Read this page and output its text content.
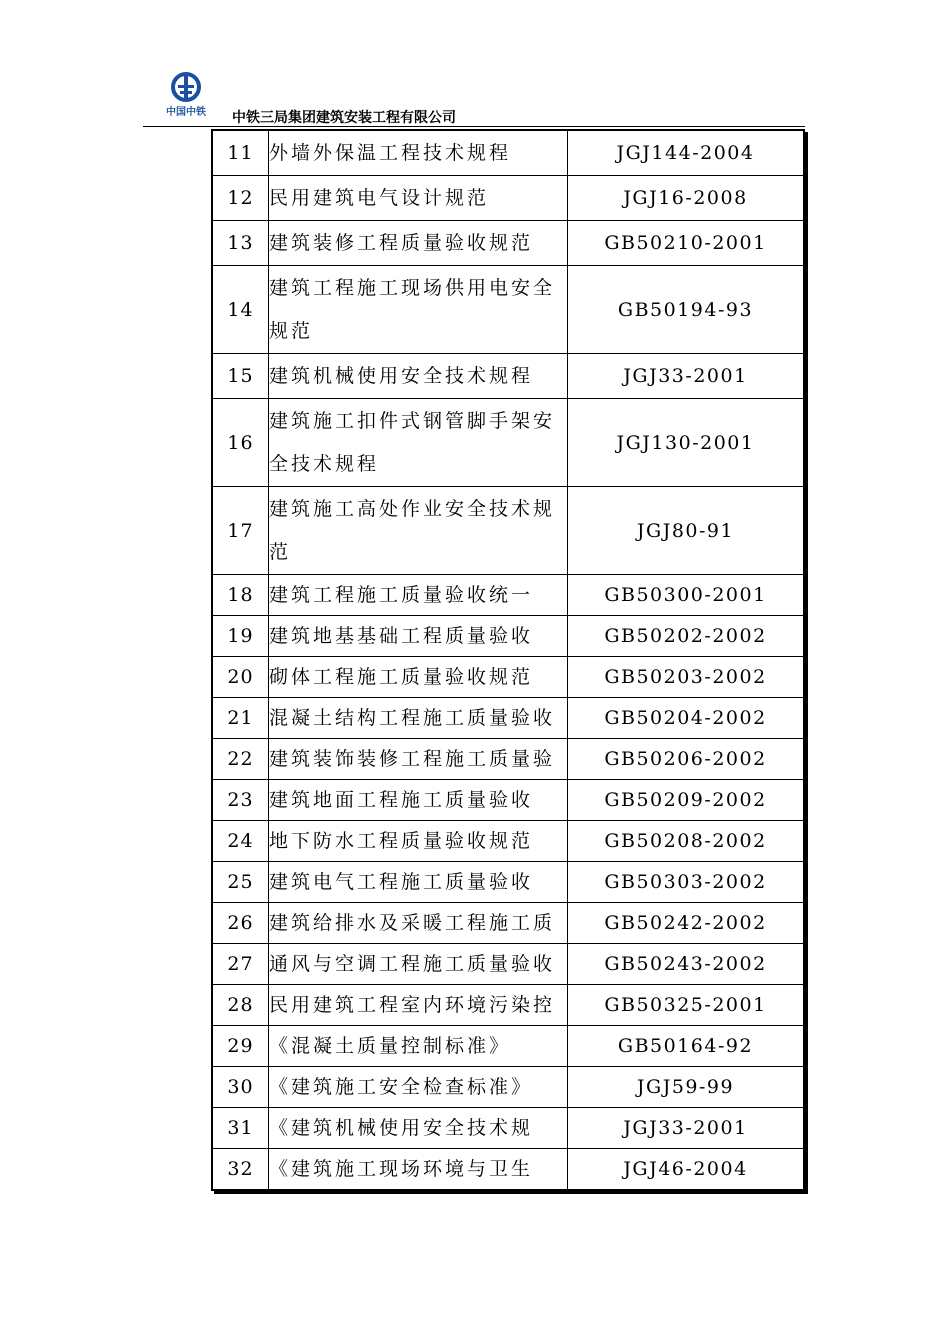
中国中铁 中铁三局集团建筑安装工程有限公司
11	外墙外保温工程技术规程	JGJ144-2004
12	民用建筑电气设计规范	JGJ16-2008
13	建筑装修工程质量验收规范	GB50210-2001
14	建筑工程施工现场供用电安全规范	GB50194-93
15	建筑机械使用安全技术规程	JGJ33-2001
16	建筑施工扣件式钢管脚手架安全技术规程	JGJ130-2001
17	建筑施工高处作业安全技术规范	JGJ80-91
18	建筑工程施工质量验收统一	GB50300-2001
19	建筑地基基础工程质量验收	GB50202-2002
20	砌体工程施工质量验收规范	GB50203-2002
21	混凝土结构工程施工质量验收	GB50204-2002
22	建筑装饰装修工程施工质量验	GB50206-2002
23	建筑地面工程施工质量验收	GB50209-2002
24	地下防水工程质量验收规范	GB50208-2002
25	建筑电气工程施工质量验收	GB50303-2002
26	建筑给排水及采暖工程施工质	GB50242-2002
27	通风与空调工程施工质量验收	GB50243-2002
28	民用建筑工程室内环境污染控	GB50325-2001
29	《混凝土质量控制标准》	GB50164-92
30	《建筑施工安全检查标准》	JGJ59-99
31	《建筑机械使用安全技术规	JGJ33-2001
32	《建筑施工现场环境与卫生	JGJ46-2004
